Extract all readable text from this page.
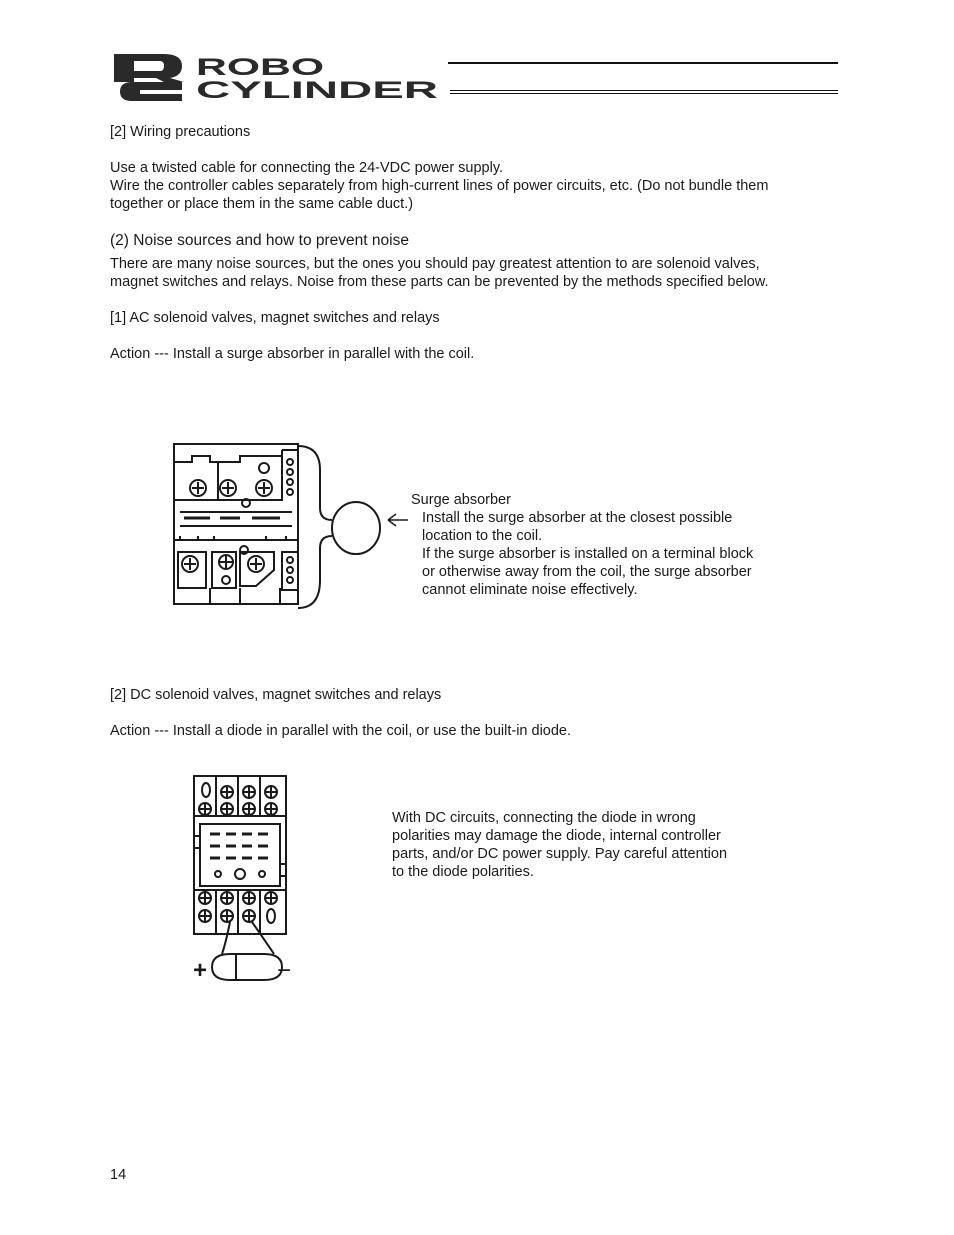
ROBO
CYLINDER
[2] Wiring precautions
Use a twisted cable for connecting the 24-VDC power supply.
Wire the controller cables separately from high-current lines of power circuits, etc. (Do not bundle them
together or place them in the same cable duct.)
(2) Noise sources and how to prevent noise
There are many noise sources, but the ones you should pay greatest attention to are solenoid valves,
magnet switches and relays. Noise from these parts can be prevented by the methods specified below.
[1] AC solenoid valves, magnet switches and relays
Action --- Install a surge absorber in parallel with the coil.
Surge absorber
Install the surge absorber at the closest possible
location to the coil.
If the surge absorber is installed on a terminal block
or otherwise away from the coil, the surge absorber
cannot eliminate noise effectively.
[2] DC solenoid valves, magnet switches and relays
Action --- Install a diode in parallel with the coil, or use the built-in diode.
+	−
With DC circuits, connecting the diode in wrong
polarities may damage the diode, internal controller
parts, and/or DC power supply. Pay careful attention
to the diode polarities.
14
